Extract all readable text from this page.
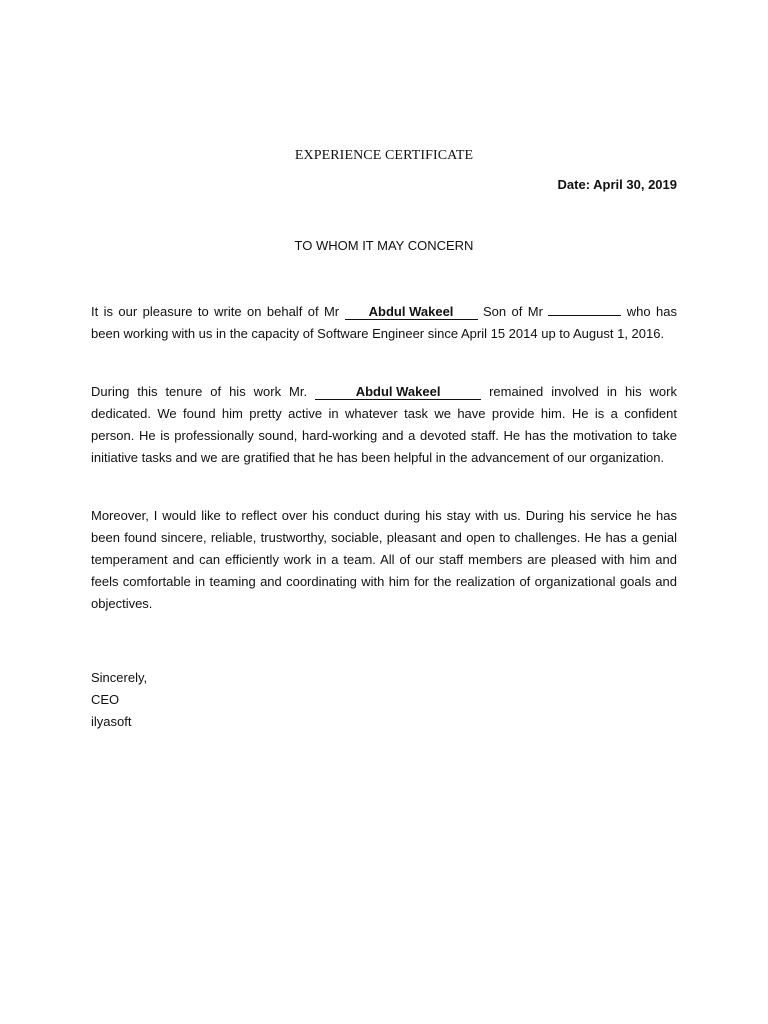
EXPERIENCE CERTIFICATE
Date: April 30, 2019
TO WHOM IT MAY CONCERN

It is our pleasure to write on behalf of Mr Abdul Wakeel Son of Mr	who has been working with us in the capacity of Software Engineer since April 15 2014 up to August 1, 2016.

During this tenure of his work Mr.	Abdul Wakeel	remained involved in his work dedicated. We found him pretty active in whatever task we have provide him. He is a confident person. He is professionally sound, hard-working and a devoted staff. He has the motivation to take initiative tasks and we are gratified that he has been helpful in the advancement of our organization.

Moreover, I would like to reflect over his conduct during his stay with us. During his service he has been found sincere, reliable, trustworthy, sociable, pleasant and open to challenges. He has a genial temperament and can efficiently work in a team. All of our staff members are pleased with him and feels comfortable in teaming and coordinating with him for the realization of organizational goals and objectives.

Sincerely,
CEO
ilyasoft
